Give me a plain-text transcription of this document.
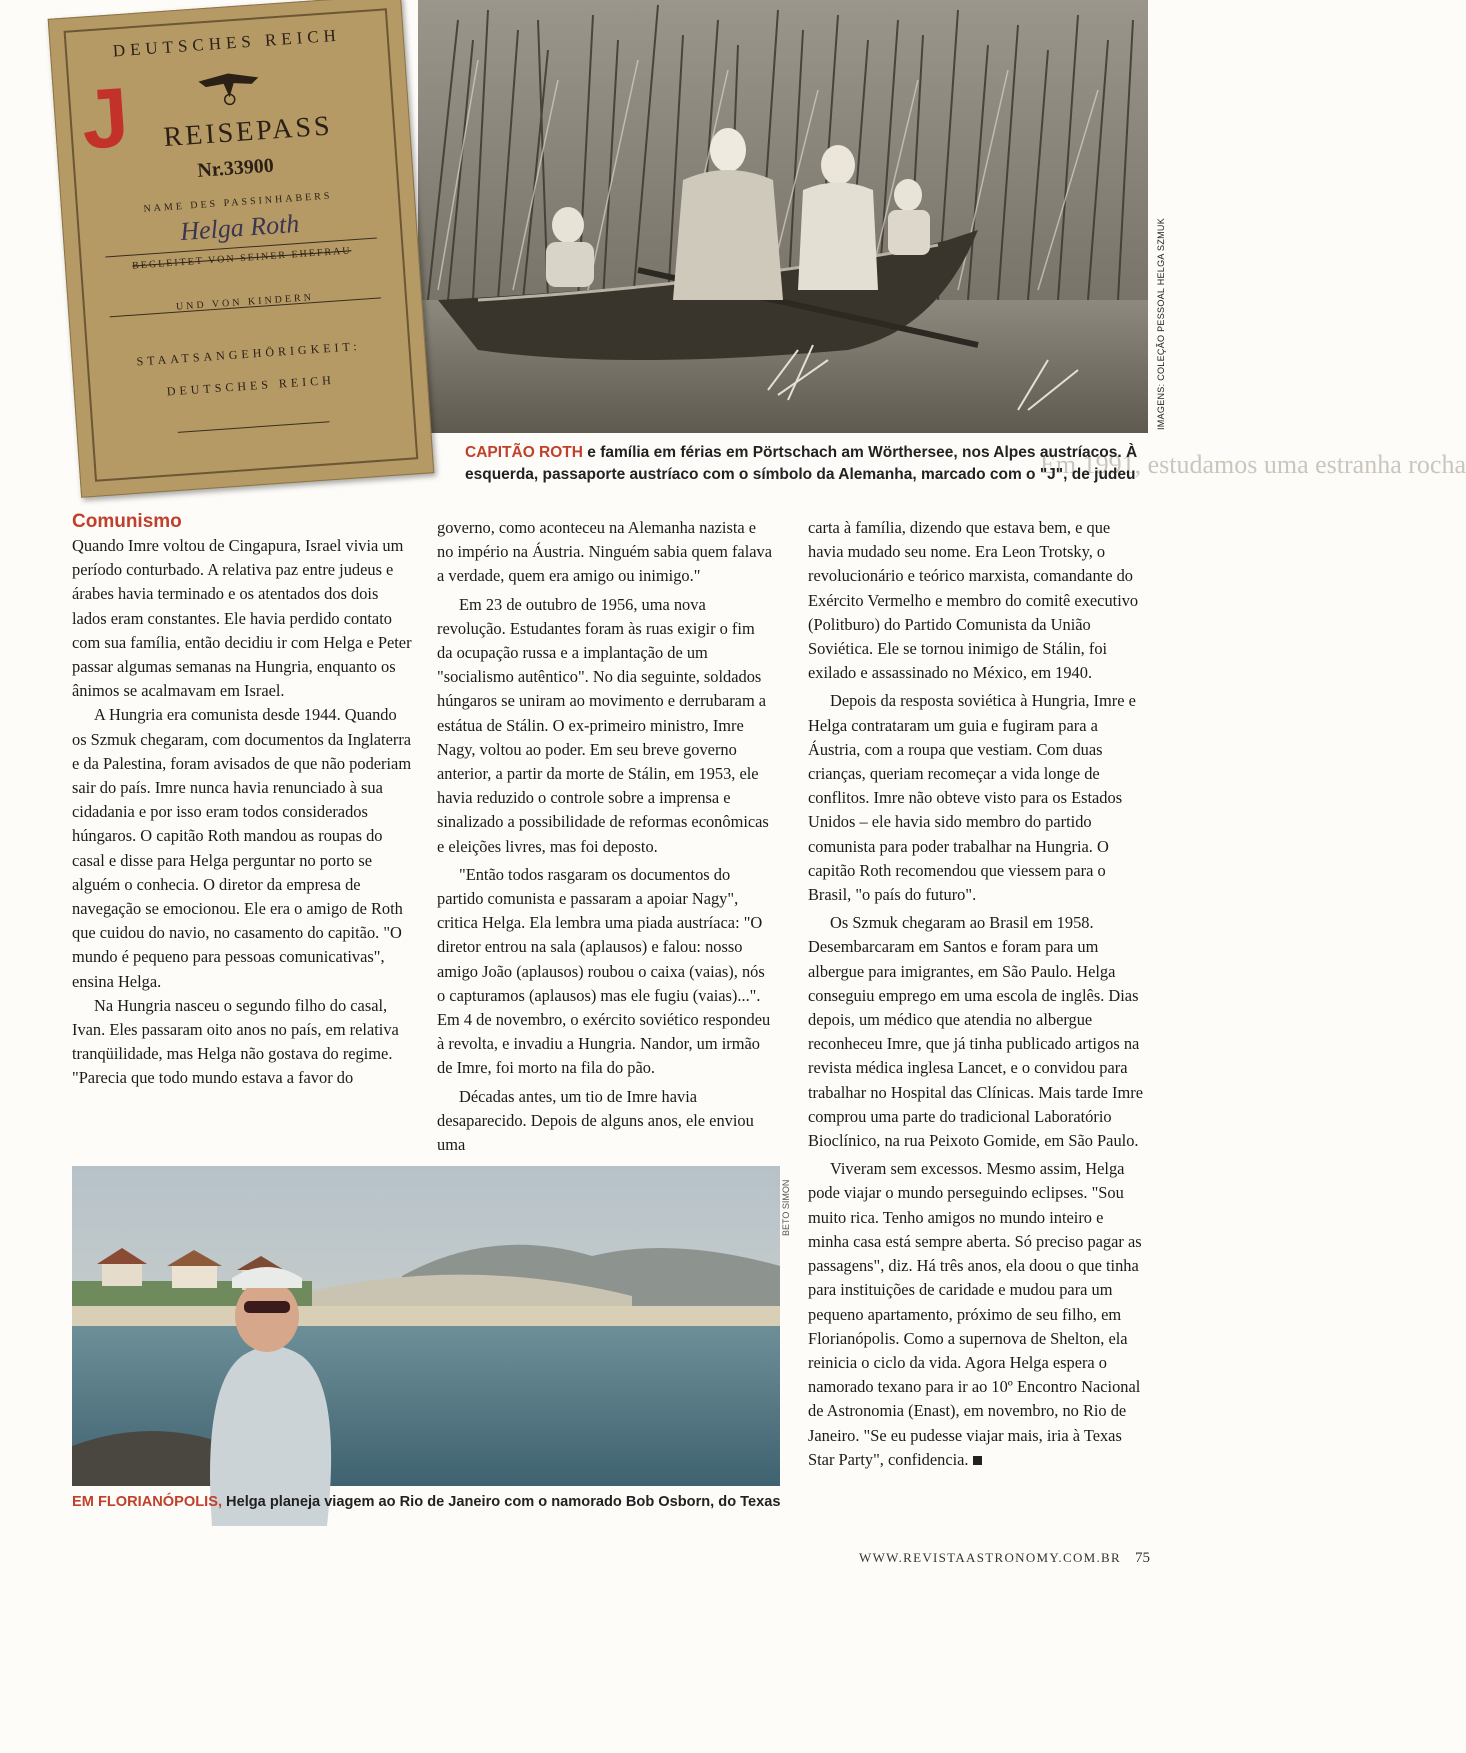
Em 1991, estudamos uma estranha rocha
IMAGENS: COLEÇÃO PESSOAL HELGA SZMUK
DEUTSCHES REICH
J	REISEPASS
Nr.33900
NAME DES PASSINHABERS
Helga Roth
BEGLEITET VON SEINER EHEFRAU
UND VON KINDERN
STAATSANGEHÖRIGKEIT:
DEUTSCHES REICH
CAPITÃO ROTH e família em férias em Pörtschach am Wörthersee, nos Alpes austríacos. À
esquerda, passaporte austríaco com o símbolo da Alemanha, marcado com o "J", de judeu
Comunismo

Quando Imre voltou de Cingapura, Israel vivia um período conturbado. A relativa paz entre judeus e árabes havia terminado e os atentados dos dois lados eram constantes. Ele havia perdido contato com sua família, então decidiu ir com Helga e Peter passar algumas semanas na Hungria, enquanto os ânimos se acalmavam em Israel.

A Hungria era comunista desde 1944. Quando os Szmuk chegaram, com documentos da Inglaterra e da Palestina, foram avisados de que não poderiam sair do país. Imre nunca havia renunciado à sua cidadania e por isso eram todos considerados húngaros. O capitão Roth mandou as roupas do casal e disse para Helga perguntar no porto se alguém o conhecia. O diretor da empresa de navegação se emocionou. Ele era o amigo de Roth que cuidou do navio, no casamento do capitão. "O mundo é pequeno para pessoas comunicativas", ensina Helga.

Na Hungria nasceu o segundo filho do casal, Ivan. Eles passaram oito anos no país, em relativa tranqüilidade, mas Helga não gostava do regime. "Parecia que todo mundo estava a favor do

governo, como aconteceu na Alemanha nazista e no império na Áustria. Ninguém sabia quem falava a verdade, quem era amigo ou inimigo."

Em 23 de outubro de 1956, uma nova revolução. Estudantes foram às ruas exigir o fim da ocupação russa e a implantação de um "socialismo autêntico". No dia seguinte, soldados húngaros se uniram ao movimento e derrubaram a estátua de Stálin. O ex-primeiro ministro, Imre Nagy, voltou ao poder. Em seu breve governo anterior, a partir da morte de Stálin, em 1953, ele havia reduzido o controle sobre a imprensa e sinalizado a possibilidade de reformas econômicas e eleições livres, mas foi deposto.

"Então todos rasgaram os documentos do partido comunista e passaram a apoiar Nagy", critica Helga. Ela lembra uma piada austríaca: "O diretor entrou na sala (aplausos) e falou: nosso amigo João (aplausos) roubou o caixa (vaias), nós o capturamos (aplausos) mas ele fugiu (vaias)...". Em 4 de novembro, o exército soviético respondeu à revolta, e invadiu a Hungria. Nandor, um irmão de Imre, foi morto na fila do pão.

Décadas antes, um tio de Imre havia desaparecido. Depois de alguns anos, ele enviou uma

carta à família, dizendo que estava bem, e que havia mudado seu nome. Era Leon Trotsky, o revolucionário e teórico marxista, comandante do Exército Vermelho e membro do comitê executivo (Politburo) do Partido Comunista da União Soviética. Ele se tornou inimigo de Stálin, foi exilado e assassinado no México, em 1940.

Depois da resposta soviética à Hungria, Imre e Helga contrataram um guia e fugiram para a Áustria, com a roupa que vestiam. Com duas crianças, queriam recomeçar a vida longe de conflitos. Imre não obteve visto para os Estados Unidos – ele havia sido membro do partido comunista para poder trabalhar na Hungria. O capitão Roth recomendou que viessem para o Brasil, "o país do futuro".

Os Szmuk chegaram ao Brasil em 1958. Desembarcaram em Santos e foram para um albergue para imigrantes, em São Paulo. Helga conseguiu emprego em uma escola de inglês. Dias depois, um médico que atendia no albergue reconheceu Imre, que já tinha publicado artigos na revista médica inglesa Lancet, e o convidou para trabalhar no Hospital das Clínicas. Mais tarde Imre comprou uma parte do tradicional Laboratório Bioclínico, na rua Peixoto Gomide, em São Paulo.

Viveram sem excessos. Mesmo assim, Helga pode viajar o mundo perseguindo eclipses. "Sou muito rica. Tenho amigos no mundo inteiro e minha casa está sempre aberta. Só preciso pagar as passagens", diz. Há três anos, ela doou o que tinha para instituições de caridade e mudou para um pequeno apartamento, próximo de seu filho, em Florianópolis. Como a supernova de Shelton, ela reinicia o ciclo da vida. Agora Helga espera o namorado texano para ir ao 10º Encontro Nacional de Astronomia (Enast), em novembro, no Rio de Janeiro. "Se eu pudesse viajar mais, iria à Texas Star Party", confidencia.

BETO SIMON
EM FLORIANÓPOLIS, Helga planeja viagem ao Rio de Janeiro com o namorado Bob Osborn, do Texas
WWW.REVISTAASTRONOMY.COM.BR 75
